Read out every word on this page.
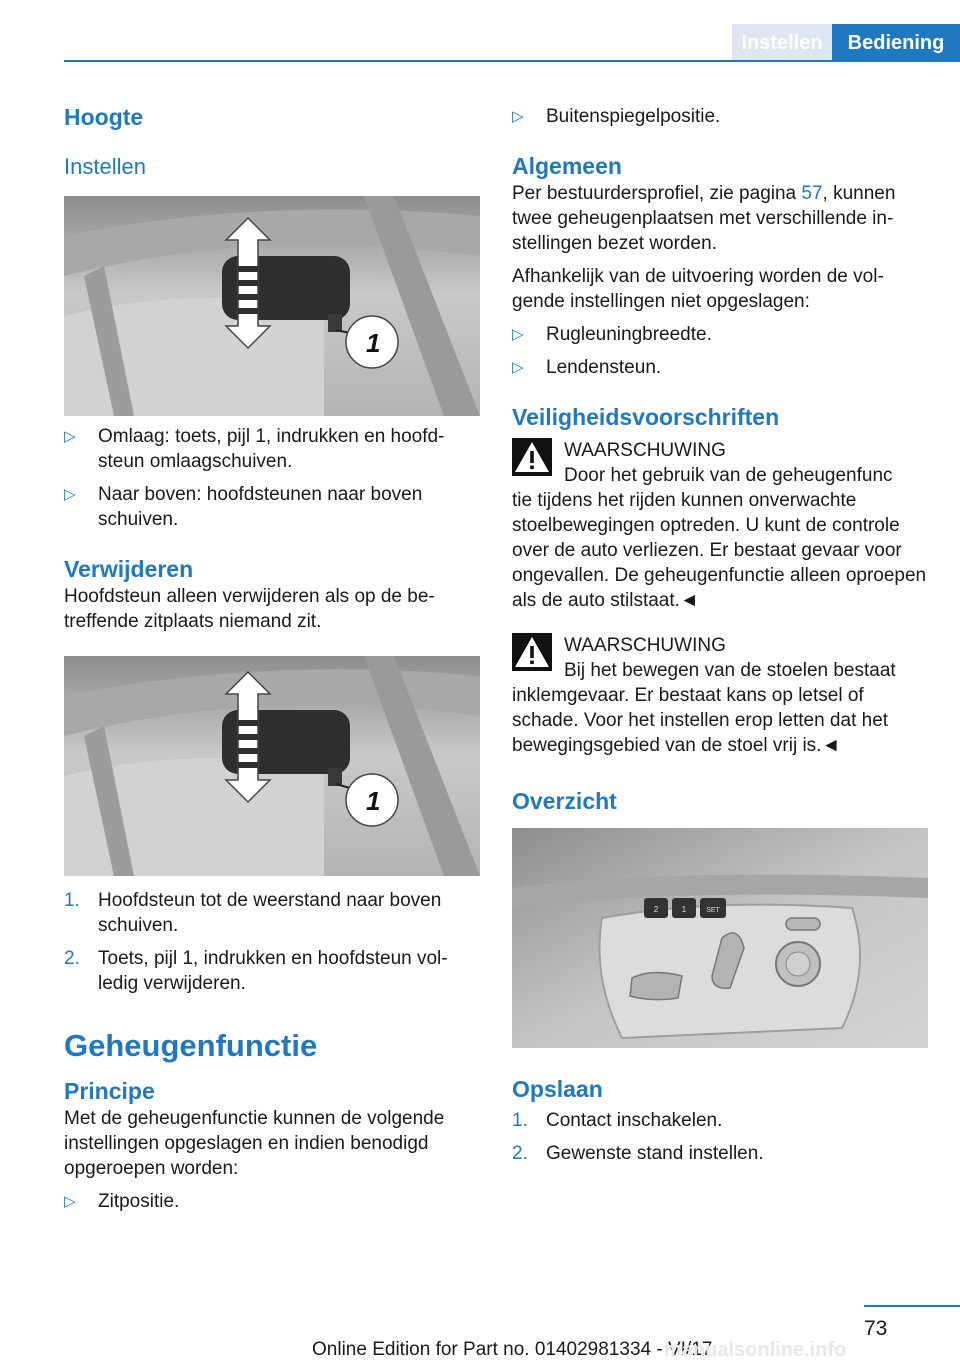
Instellen	Bediening
Hoogte
Instellen
1
▷ Omlaag: toets, pijl 1, indrukken en hoofdsteun omlaagschuiven.
▷ Naar boven: hoofdsteunen naar boven schuiven.
Verwijderen

Hoofdsteun alleen verwijderen als op de betreffende zitplaats niemand zit.

1
1. Hoofdsteun tot de weerstand naar boven schuiven.
2. Toets, pijl 1, indrukken en hoofdsteun volledig verwijderen.
Geheugenfunctie
Principe

Met de geheugenfunctie kunnen de volgende instellingen opgeslagen en indien benodigd opgeroepen worden:

▷ Zitpositie.
▷ Buitenspiegelpositie.
Algemeen

Per bestuurdersprofiel, zie pagina 57, kunnen twee geheugenplaatsen met verschillende instellingen bezet worden.

Afhankelijk van de uitvoering worden de volgende instellingen niet opgeslagen:

▷ Rugleuningbreedte.
▷ Lendensteun.
Veiligheidsvoorschriften
WAARSCHUWING
Door het gebruik van de geheugenfunc
tie tijdens het rijden kunnen onverwachte stoelbewegingen optreden. U kunt de controle over de auto verliezen. Er bestaat gevaar voor ongevallen. De geheugenfunctie alleen oproepen als de auto stilstaat.◄
WAARSCHUWING
Bij het bewegen van de stoelen bestaat
inklemgevaar. Er bestaat kans op letsel of schade. Voor het instellen erop letten dat het bewegingsgebied van de stoel vrij is.◄
Overzicht
2	1	SET
Opslaan
1. Contact inschakelen.
2. Gewenste stand instellen.
73
Online Edition for Part no. 01402981334 - VI/17
manualsonline.info
